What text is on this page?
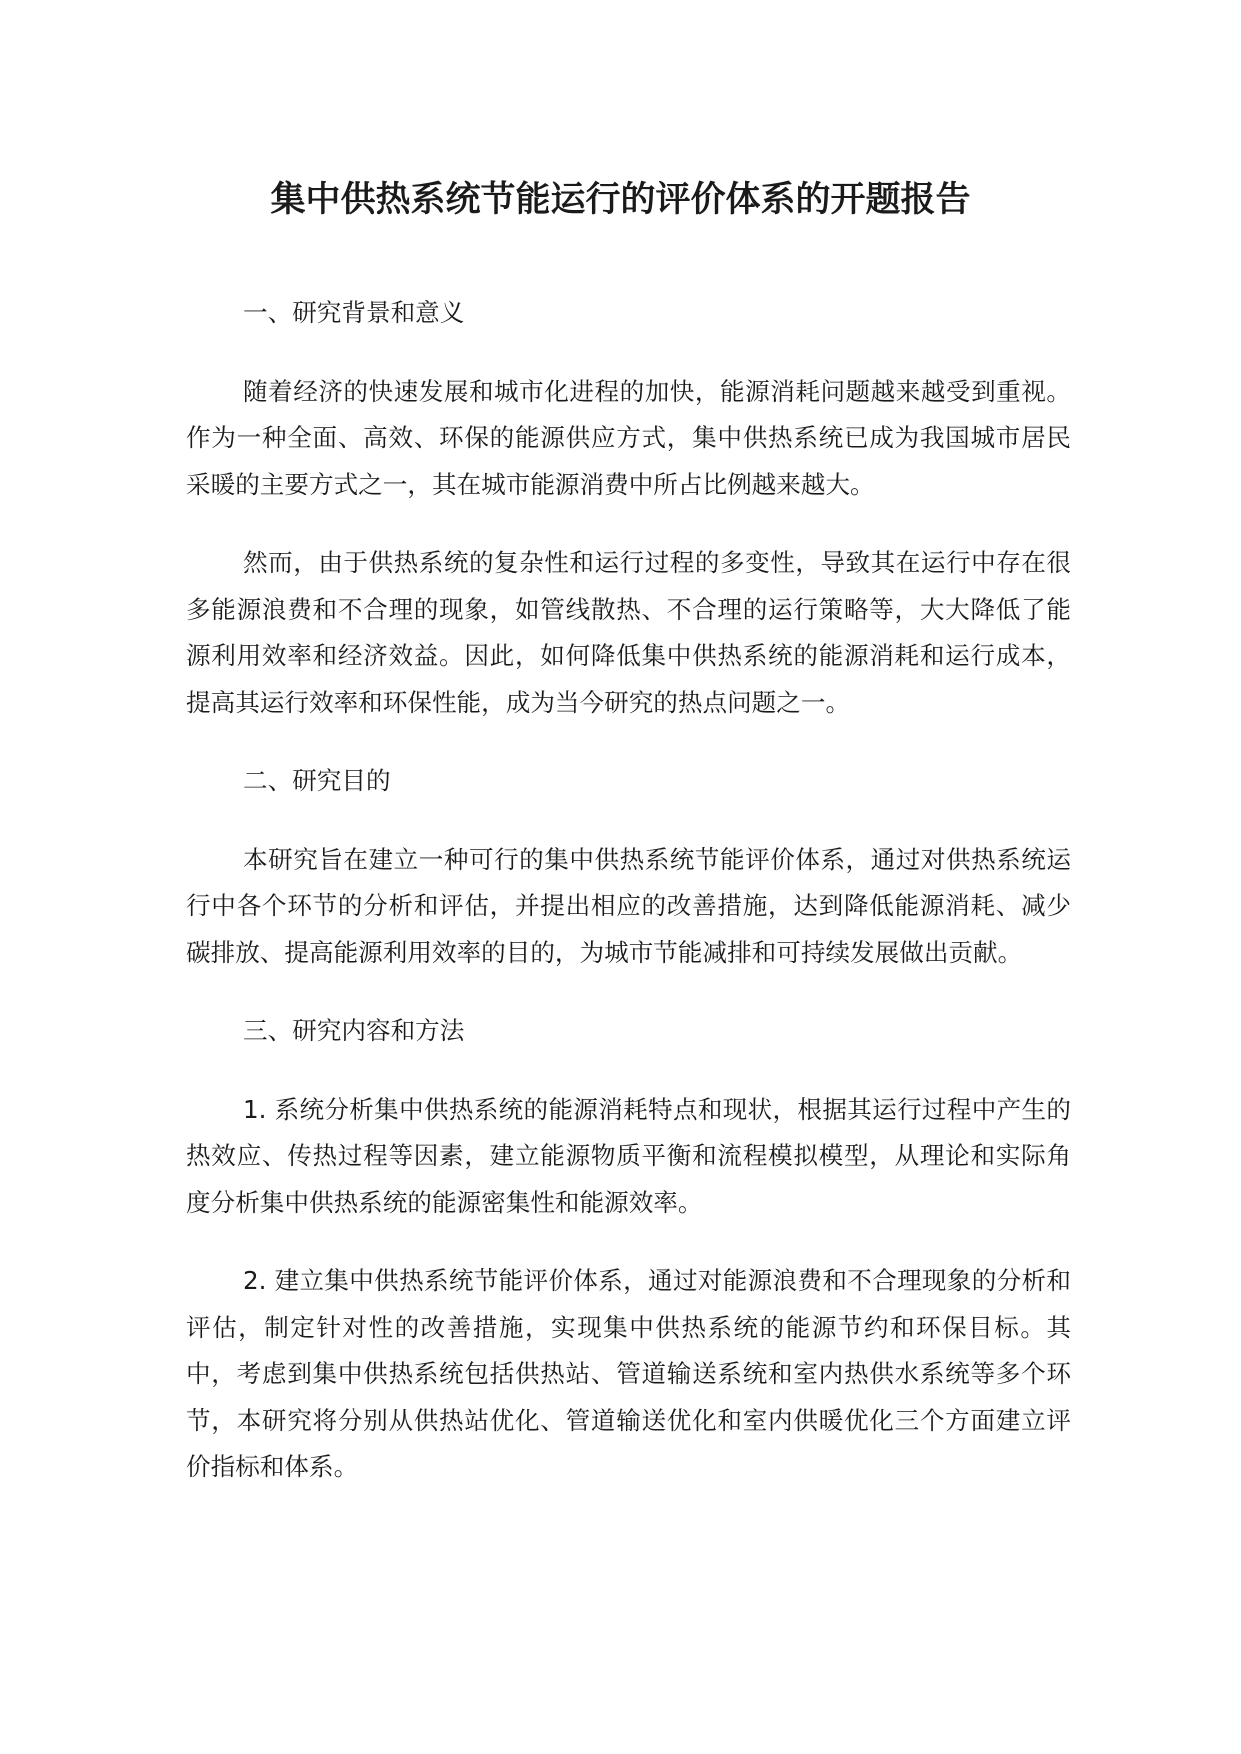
集中供热系统节能运行的评价体系的开题报告

一、研究背景和意义

随着经济的快速发展和城市化进程的加快，能源消耗问题越来越受到重视。作为一种全面、高效、环保的能源供应方式，集中供热系统已成为我国城市居民采暖的主要方式之一，其在城市能源消费中所占比例越来越大。

然而，由于供热系统的复杂性和运行过程的多变性，导致其在运行中存在很多能源浪费和不合理的现象，如管线散热、不合理的运行策略等，大大降低了能源利用效率和经济效益。因此，如何降低集中供热系统的能源消耗和运行成本，提高其运行效率和环保性能，成为当今研究的热点问题之一。

二、研究目的

本研究旨在建立一种可行的集中供热系统节能评价体系，通过对供热系统运行中各个环节的分析和评估，并提出相应的改善措施，达到降低能源消耗、减少碳排放、提高能源利用效率的目的，为城市节能减排和可持续发展做出贡献。

三、研究内容和方法

1. 系统分析集中供热系统的能源消耗特点和现状，根据其运行过程中产生的热效应、传热过程等因素，建立能源物质平衡和流程模拟模型，从理论和实际角度分析集中供热系统的能源密集性和能源效率。

2. 建立集中供热系统节能评价体系，通过对能源浪费和不合理现象的分析和评估，制定针对性的改善措施，实现集中供热系统的能源节约和环保目标。其中，考虑到集中供热系统包括供热站、管道输送系统和室内热供水系统等多个环节，本研究将分别从供热站优化、管道输送优化和室内供暖优化三个方面建立评价指标和体系。
